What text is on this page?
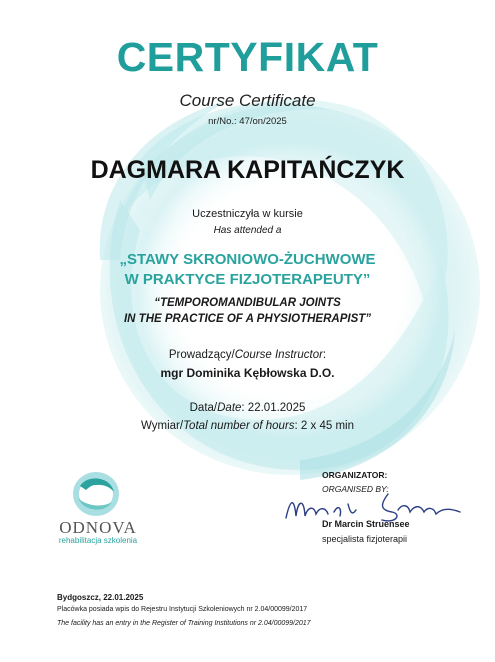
CERTYFIKAT
Course Certificate
nr/No.: 47/on/2025
DAGMARA KAPITAŃCZYK
Uczestniczyła w kursie
Has attended a
„STAWY SKRONIOWO-ŻUCHWOWE
W PRAKTYCE FIZJOTERAPEUTY”
“TEMPOROMANDIBULAR JOINTS
IN THE PRACTICE OF A PHYSIOTHERAPIST”
Prowadzący/Course Instructor:
mgr Dominika Kębłowska D.O.
Data/Date: 22.01.2025
Wymiar/Total number of hours: 2 x 45 min
ODNOVA
rehabilitacja szkolenia
ORGANIZATOR:
ORGANISED BY:
Dr Marcin Struensee
specjalista fizjoterapii
Bydgoszcz, 22.01.2025
Placówka posiada wpis do Rejestru Instytucji Szkoleniowych nr 2.04/00099/2017
The facility has an entry in the Register of Training Institutions nr 2.04/00099/2017
